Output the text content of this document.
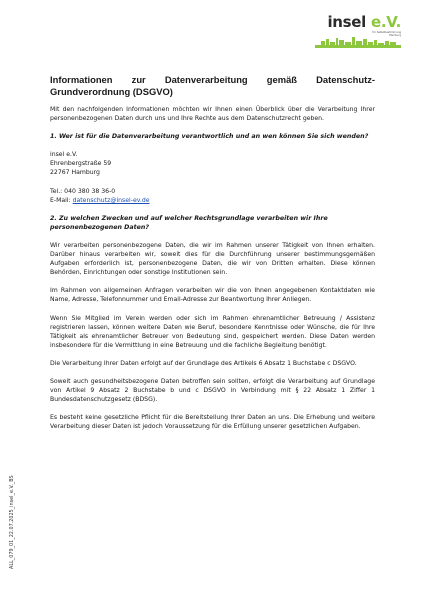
insel e.V.
für Selbstbestimmung
Hamburg
Informationen zur Datenverarbeitung gemäß Datenschutz-Grundverordnung (DSGVO)

Mit den nachfolgenden Informationen möchten wir Ihnen einen Überblick über die Verarbeitung Ihrer personenbezogenen Daten durch uns und Ihre Rechte aus dem Datenschutzrecht geben.

1. Wer ist für die Datenverarbeitung verantwortlich und an wen können Sie sich wenden?

insel e.V.
Ehrenbergstraße 59
22767 Hamburg
Tel.: 040 380 38 36-0
E-Mail: datenschutz@insel-ev.de

2. Zu welchen Zwecken und auf welcher Rechtsgrundlage verarbeiten wir Ihre personenbezogenen Daten?

Wir verarbeiten personenbezogene Daten, die wir im Rahmen unserer Tätigkeit von Ihnen erhalten. Darüber hinaus verarbeiten wir, soweit dies für die Durchführung unserer bestimmungsgemäßen Aufgaben erforderlich ist, personenbezogene Daten, die wir von Dritten erhalten. Diese können Behörden, Einrichtungen oder sonstige Institutionen sein.

Im Rahmen von allgemeinen Anfragen verarbeiten wir die von Ihnen angegebenen Kontaktdaten wie Name, Adresse, Telefonnummer und Email-Adresse zur Beantwortung Ihrer Anliegen.

Wenn Sie Mitglied im Verein werden oder sich im Rahmen ehrenamtlicher Betreuung / Assistenz registrieren lassen, können weitere Daten wie Beruf, besondere Kenntnisse oder Wünsche, die für Ihre Tätigkeit als ehrenamtlicher Betreuer von Bedeutung sind, gespeichert werden. Diese Daten werden insbesondere für die Vermittlung in eine Betreuung und die fachliche Begleitung benötigt.

Die Verarbeitung Ihrer Daten erfolgt auf der Grundlage des Artikels 6 Absatz 1 Buchstabe c DSGVO.

Soweit auch gesundheitsbezogene Daten betroffen sein sollten, erfolgt die Verarbeitung auf Grundlage von Artikel 9 Absatz 2 Buchstabe b und c DSGVO in Verbindung mit § 22 Absatz 1 Ziffer 1 Bundesdatenschutzgesetz (BDSG).

Es besteht keine gesetzliche Pflicht für die Bereitstellung Ihrer Daten an uns. Die Erhebung und weitere Verarbeitung dieser Daten ist jedoch Voraussetzung für die Erfüllung unserer gesetzlichen Aufgaben.

ALL_079_01_22.07.2025_insel_e.V._BS
